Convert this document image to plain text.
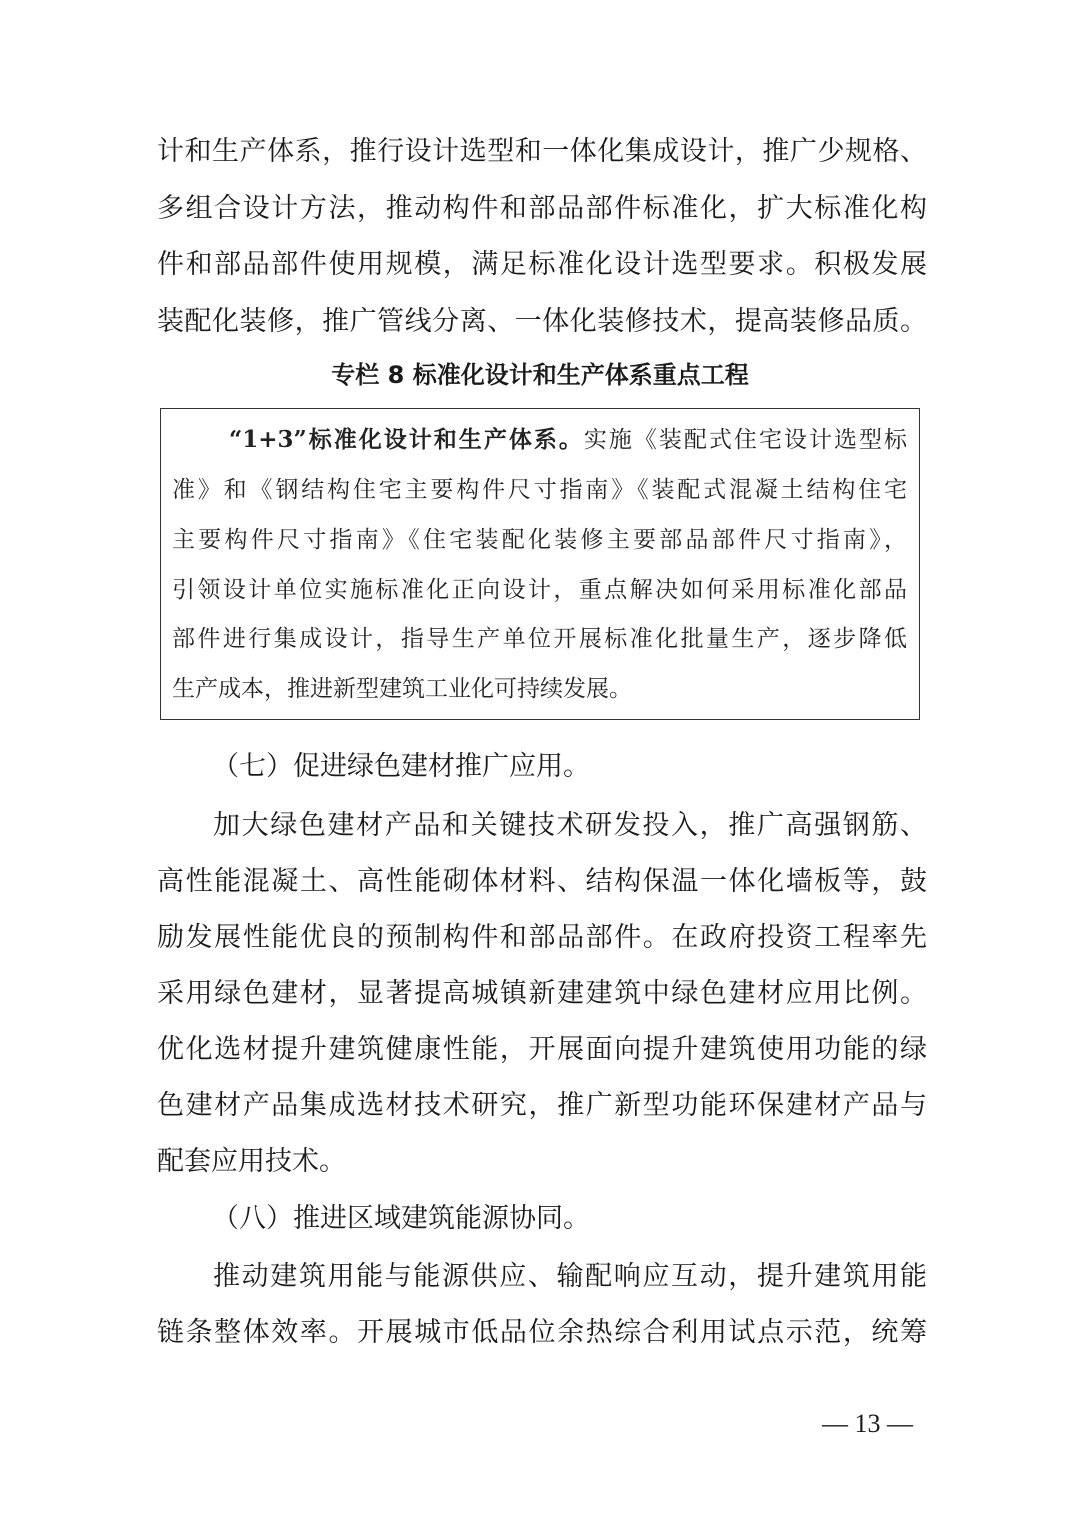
计和生产体系，推行设计选型和一体化集成设计，推广少规格、

多组合设计方法，推动构件和部品部件标准化，扩大标准化构

件和部品部件使用规模，满足标准化设计选型要求。积极发展

装配化装修，推广管线分离、一体化装修技术，提高装修品质。

专栏 8 标准化设计和生产体系重点工程

“1+3”标准化设计和生产体系。实施《装配式住宅设计选型标

准》和《钢结构住宅主要构件尺寸指南》《装配式混凝土结构住宅

主要构件尺寸指南》《住宅装配化装修主要部品部件尺寸指南》，

引领设计单位实施标准化正向设计，重点解决如何采用标准化部品

部件进行集成设计，指导生产单位开展标准化批量生产，逐步降低

生产成本，推进新型建筑工业化可持续发展。

（七）促进绿色建材推广应用。

加大绿色建材产品和关键技术研发投入，推广高强钢筋、

高性能混凝土、高性能砌体材料、结构保温一体化墙板等，鼓

励发展性能优良的预制构件和部品部件。在政府投资工程率先

采用绿色建材，显著提高城镇新建建筑中绿色建材应用比例。

优化选材提升建筑健康性能，开展面向提升建筑使用功能的绿

色建材产品集成选材技术研究，推广新型功能环保建材产品与

配套应用技术。

（八）推进区域建筑能源协同。

推动建筑用能与能源供应、输配响应互动，提升建筑用能

链条整体效率。开展城市低品位余热综合利用试点示范，统筹

— 13 —
